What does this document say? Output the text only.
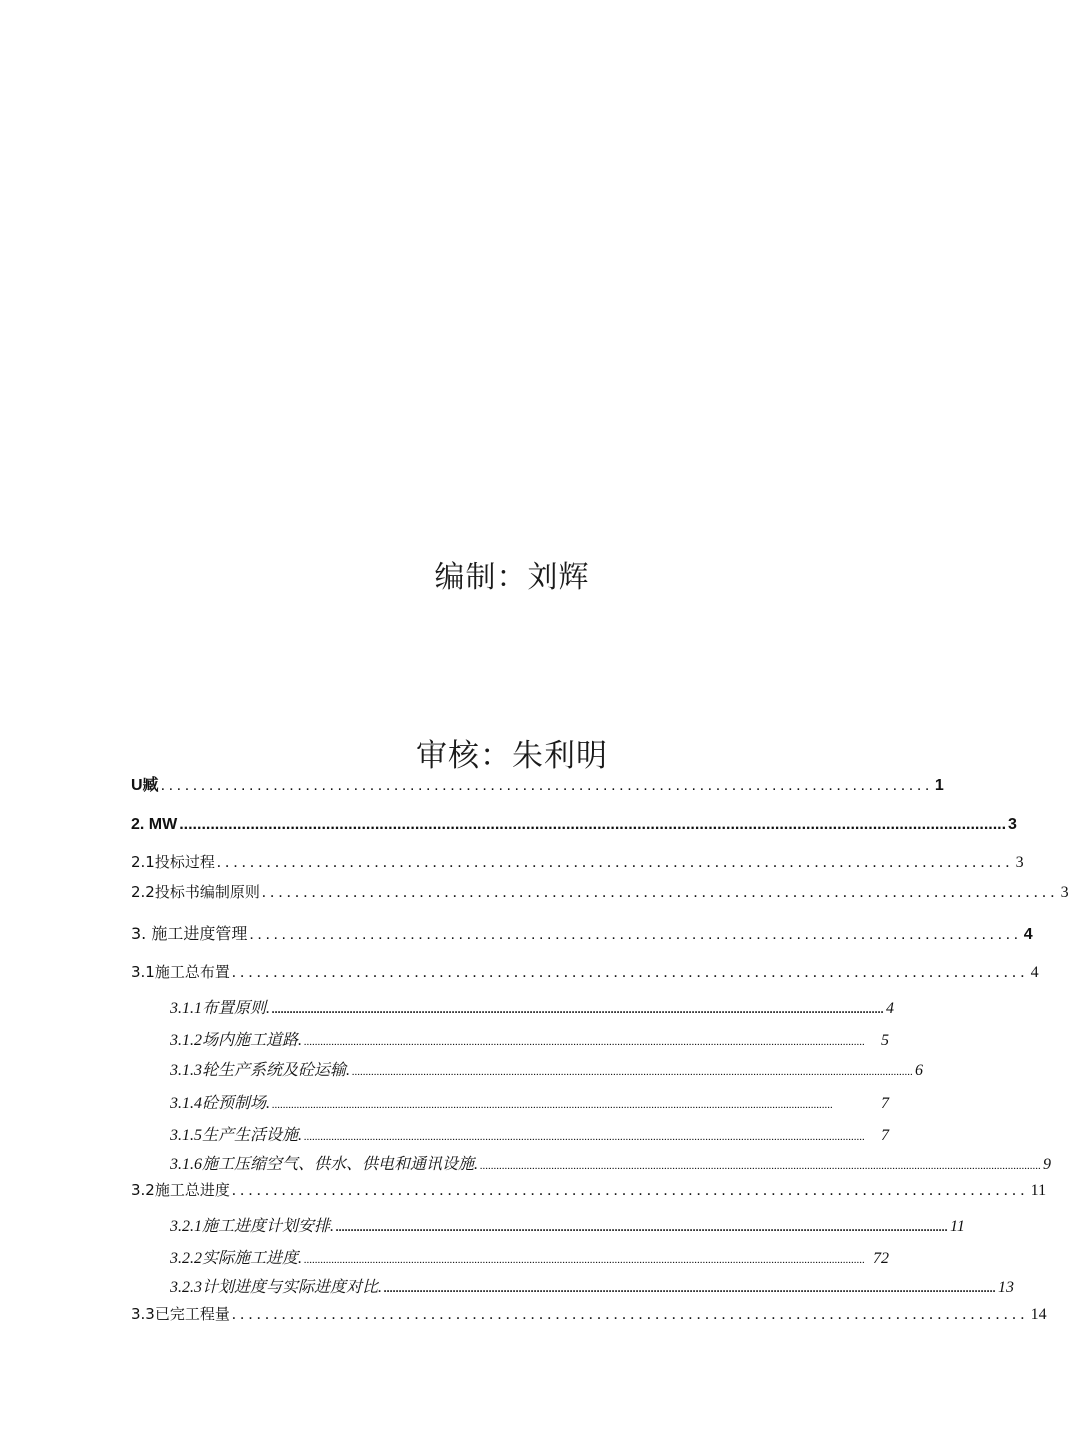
编制：刘辉
审核：朱利明
U臧 ................................................................................................ 1
2. MW .......................................................................................................................................................................................... 3
2.1投标过程 ................................................................................................ 3
2.2投标书编制原则 ................................................................................................ 3
3. 施工进度管理 ................................................................................................ 4
3.1施工总布置 ................................................................................................ 4
3.1.1布置原则. ............................................................................................................................................................................................................ 4
3.1.2场内施工道路. ............................................................................................................................................................................................................ 5
3.1.3轮生产系统及砼运输. ............................................................................................................................................................................................................ 6
3.1.4砼预制场. ............................................................................................................................................................................................................	7
3.1.5生产生活设施. ............................................................................................................................................................................................................ 7
3.1.6施工压缩空气、供水、供电和通讯设施. ............................................................................................................................................................................................................ 9
3.2施工总进度 ................................................................................................ 11
3.2.1施工进度计划安排. ............................................................................................................................................................................................................ 11
3.2.2实际施工进度. ............................................................................................................................................................................................................ 72
3.2.3计划进度与实际进度对比. ............................................................................................................................................................................................................ 13
3.3已完工程量 ................................................................................................ 14
